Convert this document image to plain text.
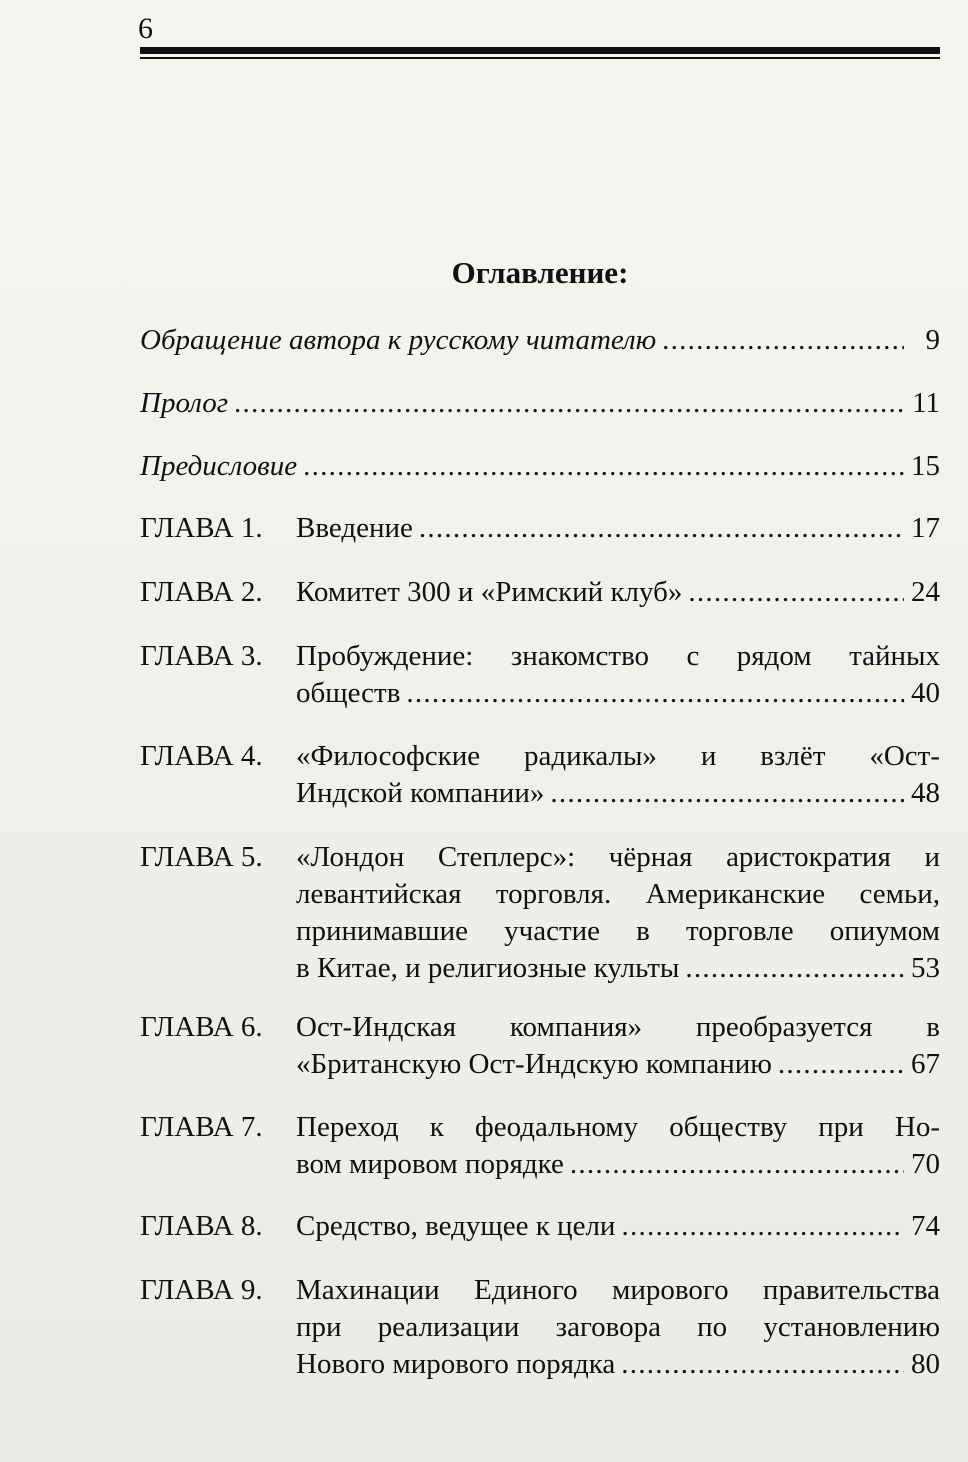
6
Оглавление:
Обращение автора к русскому читателю . . .	9
Пролог . . .	11
Предисловие . . .	15
ГЛАВА 1.	Введение . . .	17
ГЛАВА 2.	Комитет 300 и «Римский клуб» . . .	24
ГЛАВА 3.	Пробуждение: знакомство с рядом тайных
обществ . . .	40
ГЛАВА 4.	«Философские радикалы» и взлёт «Ост-
Индской компании» . . .	48
ГЛАВА 5.	«Лондон Степлерс»: чёрная аристократия и
левантийская торговля. Американские семьи,
принимавшие участие в торговле опиумом
в Китае, и религиозные культы . . .	53
ГЛАВА 6.	Ост-Индская компания» преобразуется в
«Британскую Ост-Индскую компанию . . .	67
ГЛАВА 7.	Переход к феодальному обществу при Но-
вом мировом порядке . . .	70
ГЛАВА 8.	Средство, ведущее к цели . . .	74
ГЛАВА 9.	Махинации Единого мирового правительства
при реализации заговора по установлению
Нового мирового порядка . . .	80
